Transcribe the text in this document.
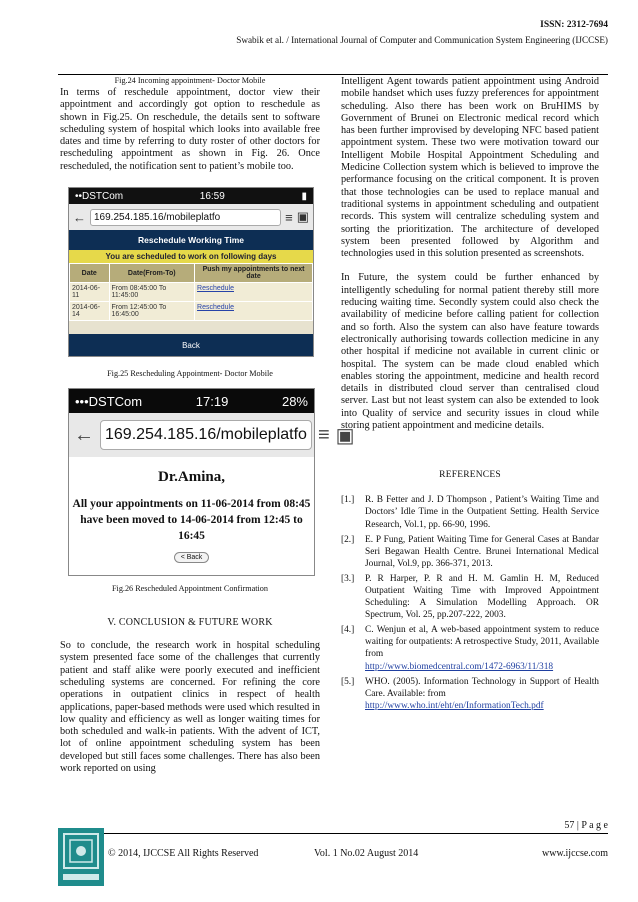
ISSN: 2312-7694
Swabik et al. / International Journal of Computer and Communication System Engineering (IJCCSE)

Fig.24 Incoming appointment- Doctor Mobile

In terms of reschedule appointment, doctor view their appointment and accordingly got option to reschedule as shown in Fig.25. On reschedule, the details sent to software scheduling system of hospital which looks into available free dates and time by referring to duty roster of other doctors for rescheduling appointment as shown in Fig. 26. Once rescheduled, the notification sent to patient’s mobile too.

••DSTCom	16:59	▮
← 169.254.185.16/mobileplatfo	≡ ▣
Reschedule Working Time
You are scheduled to work on following days
Date	Date(From-To)	Push my appointments to next date
2014-06-11	From 08:45:00 To 11:45:00	Reschedule
2014-06-14	From 12:45:00 To 16:45:00	Reschedule
Back

Fig.25 Rescheduling Appointment- Doctor Mobile

•••DSTCom	17:19	28%
← 169.254.185.16/mobileplatfo ≡ ▣
Dr.Amina,
All your appointments on 11-06-2014 from 08:45
have been moved to 14-06-2014 from 12:45 to 16:45
< Back

Fig.26 Rescheduled Appointment Confirmation

V. CONCLUSION & FUTURE WORK

So to conclude, the research work in hospital scheduling system presented face some of the challenges that currently patient and staff alike were poorly executed and inefficient scheduling systems are concerned. For refining the core operations in outpatient clinics in respect of health applications, paper-based methods were used which resulted in low quality and efficiency as well as longer waiting times for both scheduled and walk-in patients. With the advent of ICT, lot of online appointment scheduling system has been developed but still faces some challenges. There has also been work reported on using

Intelligent Agent towards patient appointment using Android mobile handset which uses fuzzy preferences for appointment scheduling. Also there has been work on BruHIMS by Government of Brunei on Electronic medical record which has been further improvised by developing NFC based patient appointment system. These two were motivation toward our Intelligent Mobile Hospital Appointment Scheduling and Medicine Collection system which is believed to improve the performance focusing on the critical component. It is proven that those technologies can be used to replace manual and traditional systems in appointment scheduling and outpatient records. This system will centralize scheduling system and sorting the prioritization. The architecture of developed system been presented followed by Algorithm and technologies used in this solution presented as screenshots.

In Future, the system could be further enhanced by intelligently scheduling for normal patient thereby still more reducing waiting time. Secondly system could also check the availability of medicine before calling patient for collection and so forth. Also the system can also have feature towards electronically authorising towards collection medicine in any other hospital if medicine not available in current clinic or hospital. The system can be made cloud enabled which enables storing the appointment, medicine and health record details in distributed cloud server than centralised cloud server. Last but not least system can also be extended to look into Quality of service and security issues in cloud while storing patient appointment and medicine details.

REFERENCES

[1.]	R. B Fetter and J. D Thompson , Patient’s Waiting Time and Doctors’ Idle Time in the Outpatient Setting. Health Service Research, Vol.1, pp. 66-90, 1996.
[2.]	E. P Fung, Patient Waiting Time for General Cases at Bandar Seri Begawan Health Centre. Brunei International Medical Journal, Vol.9, pp. 366-371, 2013.
[3.]	P. R Harper, P. R and H. M. Gamlin H. M, Reduced Outpatient Waiting Time with Improved Appointment Scheduling: A Simulation Modelling Approach. OR Spectrum, Vol. 25, pp.207-222, 2003.
[4.]	C. Wenjun et al, A web-based appointment system to reduce waiting for outpatients: A retrospective Study, 2011, Available from
http://www.biomedcentral.com/1472-6963/11/318
[5.]	WHO. (2005). Information Technology in Support of Health Care. Available: from
http://www.who.int/eht/en/InformationTech.pdf
57 | P a g e
© 2014, IJCCSE All Rights Reserved	Vol. 1 No.02 August 2014	www.ijccse.com
